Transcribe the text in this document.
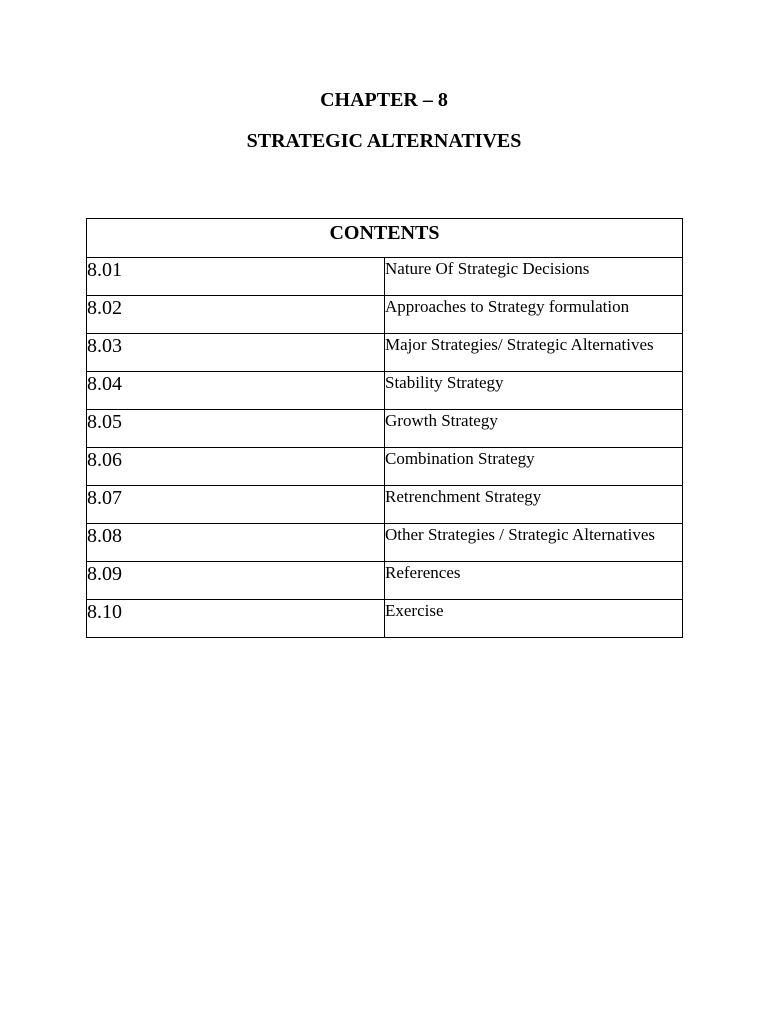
CHAPTER – 8
STRATEGIC ALTERNATIVES
CONTENTS	
8.01	Nature Of Strategic Decisions
8.02	Approaches to Strategy formulation
8.03	Major Strategies/ Strategic Alternatives
8.04	Stability Strategy
8.05	Growth Strategy
8.06	Combination Strategy
8.07	Retrenchment Strategy
8.08	Other Strategies / Strategic Alternatives
8.09	References
8.10	Exercise
